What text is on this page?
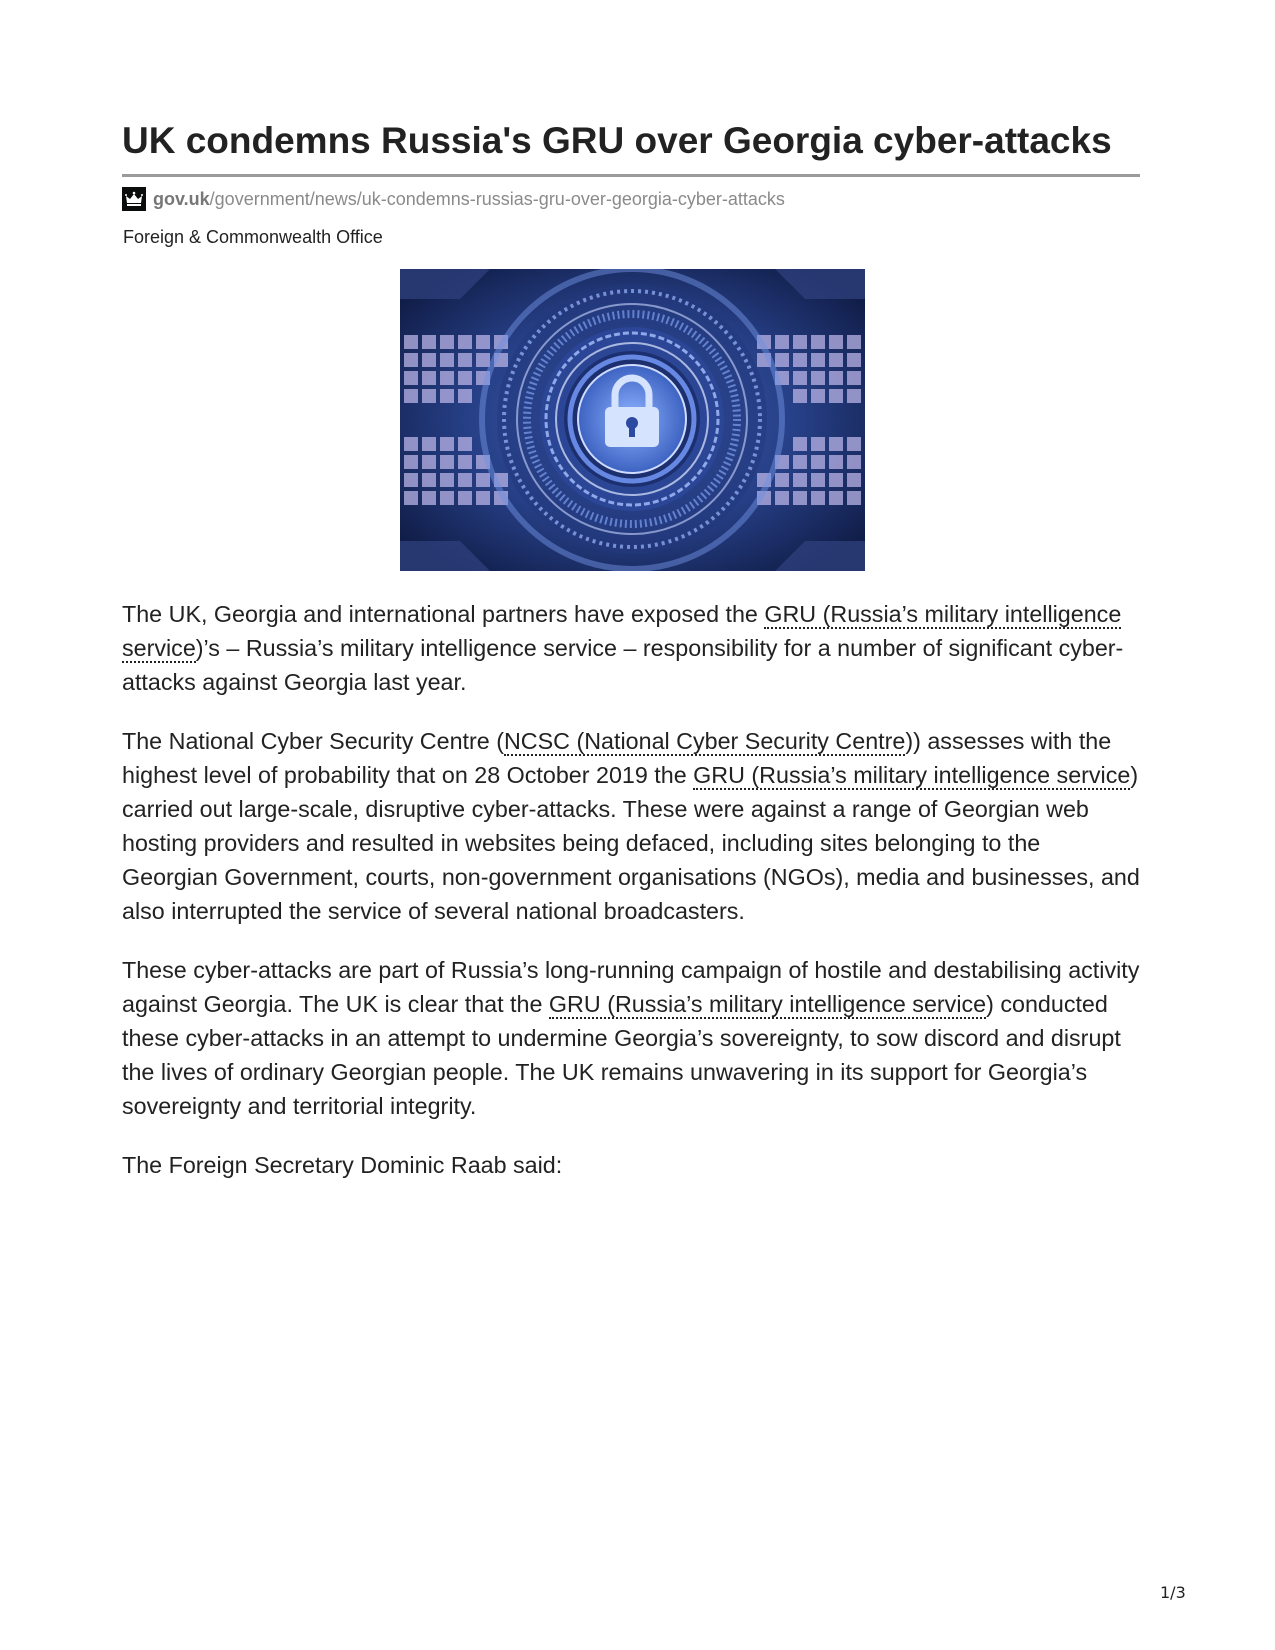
UK condemns Russia's GRU over Georgia cyber-attacks
gov.uk/government/news/uk-condemns-russias-gru-over-georgia-cyber-attacks
Foreign & Commonwealth Office

The UK, Georgia and international partners have exposed the GRU (Russia’s military intelligence service)’s – Russia’s military intelligence service – responsibility for a number of significant cyber-attacks against Georgia last year.

The National Cyber Security Centre (NCSC (National Cyber Security Centre)) assesses with the highest level of probability that on 28 October 2019 the GRU (Russia’s military intelligence service) carried out large-scale, disruptive cyber-attacks. These were against a range of Georgian web hosting providers and resulted in websites being defaced, including sites belonging to the Georgian Government, courts, non-government organisations (NGOs), media and businesses, and also interrupted the service of several national broadcasters.

These cyber-attacks are part of Russia’s long-running campaign of hostile and destabilising activity against Georgia. The UK is clear that the GRU (Russia’s military intelligence service) conducted these cyber-attacks in an attempt to undermine Georgia’s sovereignty, to sow discord and disrupt the lives of ordinary Georgian people. The UK remains unwavering in its support for Georgia’s sovereignty and territorial integrity.

The Foreign Secretary Dominic Raab said:

1/3
